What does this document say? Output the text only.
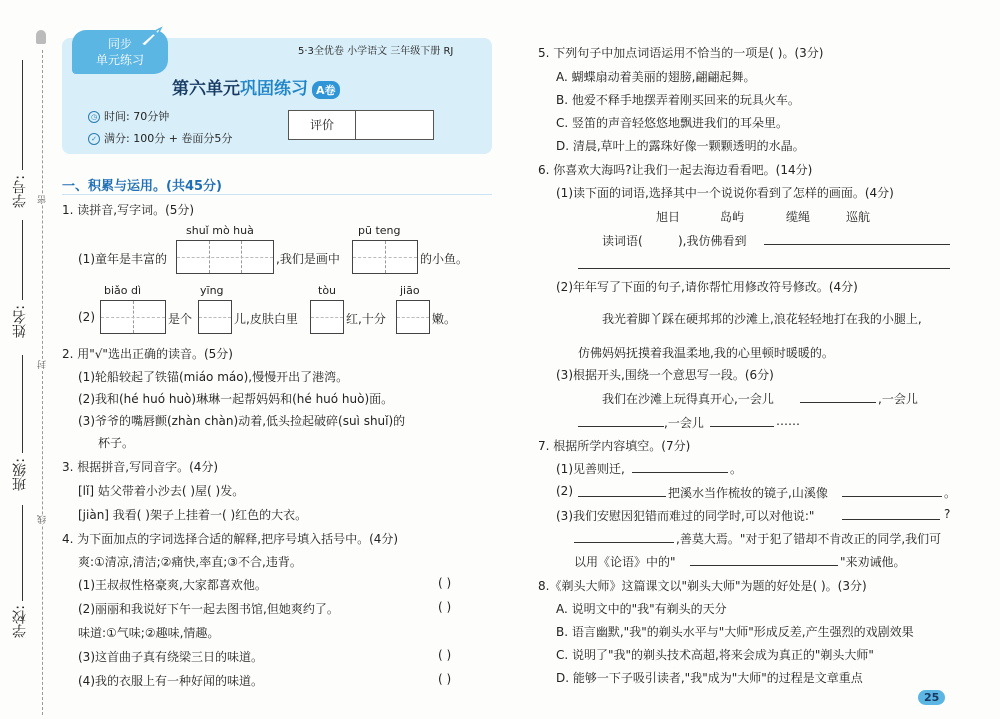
学号:
姓名:
班级:
学校:
密
封
线
同步
单元练习
5·3全优卷 小学语文 三年级下册 RJ
第六单元巩固练习 A卷
◷ 时间: 70分钟
✓ 满分: 100分 + 卷面分5分
评价
一、积累与运用。(共45分)
1. 读拼音,写字词。(5分)
shuǐ mò huà	pū teng
(1)童年是丰富的	,我们是画中	的小鱼。
biǎo dì	yīng	tòu	jiāo
(2)	是个	儿,皮肤白里	红,十分	嫩。
2. 用"√"选出正确的读音。(5分)
(1)轮船较起了铁锚(miáo máo),慢慢开出了港湾。
(2)我和(hé huó huò)琳琳一起帮妈妈和(hé huó huò)面。
(3)爷爷的嘴唇颤(zhàn chàn)动着,低头捡起破碎(suì shuǐ)的
杯子。
3. 根据拼音,写同音字。(4分)
[lǐ] 姑父带着小沙去( )屋( )发。
[jiàn] 我看( )架子上挂着一( )红色的大衣。
4. 为下面加点的字词选择合适的解释,把序号填入括号中。(4分)
爽:①清凉,清洁;②痛快,率直;③不合,违背。
(1)王叔叔性格豪爽,大家都喜欢他。	( )
(2)丽丽和我说好下午一起去图书馆,但她爽约了。	( )
味道:①气味;②趣味,情趣。
(3)这首曲子真有绕梁三日的味道。	( )
(4)我的衣服上有一种好闻的味道。	( )
5. 下列句子中加点词语运用不恰当的一项是( )。(3分)
A. 蝴蝶扇动着美丽的翅膀,翩翩起舞。
B. 他爱不释手地摆弄着刚买回来的玩具火车。
C. 竖笛的声音轻悠悠地飘进我们的耳朵里。
D. 清晨,草叶上的露珠好像一颗颗透明的水晶。
6. 你喜欢大海吗?让我们一起去海边看看吧。(14分)
(1)读下面的词语,选择其中一个说说你看到了怎样的画面。(4分)
旭日	岛屿	缆绳	巡航
读词语(	),我仿佛看到
(2)年年写了下面的句子,请你帮忙用修改符号修改。(4分)
我光着脚丫踩在硬邦邦的沙滩上,浪花轻轻地打在我的小腿上,
仿佛妈妈抚摸着我温柔地,我的心里顿时暖暖的。
(3)根据开头,围绕一个意思写一段。(6分)
我们在沙滩上玩得真开心,一会儿	,一会儿
,一会儿	……
7. 根据所学内容填空。(7分)
(1)见善则迁,	。
(2)	把溪水当作梳妆的镜子,山溪像	。
(3)我们安慰因犯错而难过的同学时,可以对他说:"	?
,善莫大焉。"对于犯了错却不肯改正的同学,我们可
以用《论语》中的"	"来劝诫他。
8.《剃头大师》这篇课文以"剃头大师"为题的好处是( )。(3分)
A. 说明文中的"我"有剃头的天分
B. 语言幽默,"我"的剃头水平与"大师"形成反差,产生强烈的戏剧效果
C. 说明了"我"的剃头技术高超,将来会成为真正的"剃头大师"
D. 能够一下子吸引读者,"我"成为"大师"的过程是文章重点
25
